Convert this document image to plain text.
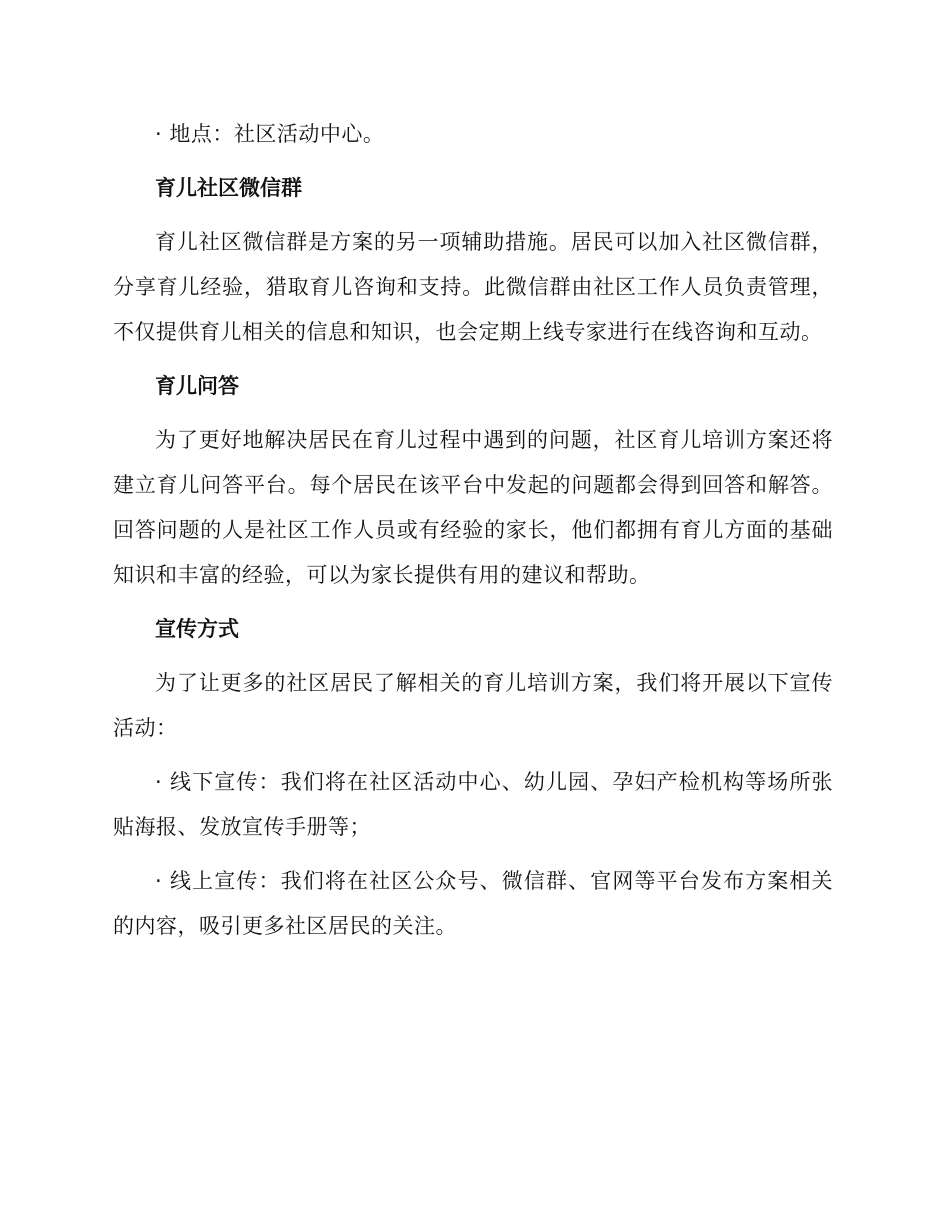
· 地点：社区活动中心。

育儿社区微信群

育儿社区微信群是方案的另一项辅助措施。居民可以加入社区微信群，分享育儿经验，猎取育儿咨询和支持。此微信群由社区工作人员负责管理，不仅提供育儿相关的信息和知识，也会定期上线专家进行在线咨询和互动。

育儿问答

为了更好地解决居民在育儿过程中遇到的问题，社区育儿培训方案还将建立育儿问答平台。每个居民在该平台中发起的问题都会得到回答和解答。回答问题的人是社区工作人员或有经验的家长，他们都拥有育儿方面的基础知识和丰富的经验，可以为家长提供有用的建议和帮助。

宣传方式

为了让更多的社区居民了解相关的育儿培训方案，我们将开展以下宣传活动：

· 线下宣传：我们将在社区活动中心、幼儿园、孕妇产检机构等场所张贴海报、发放宣传手册等；

· 线上宣传：我们将在社区公众号、微信群、官网等平台发布方案相关的内容，吸引更多社区居民的关注。
